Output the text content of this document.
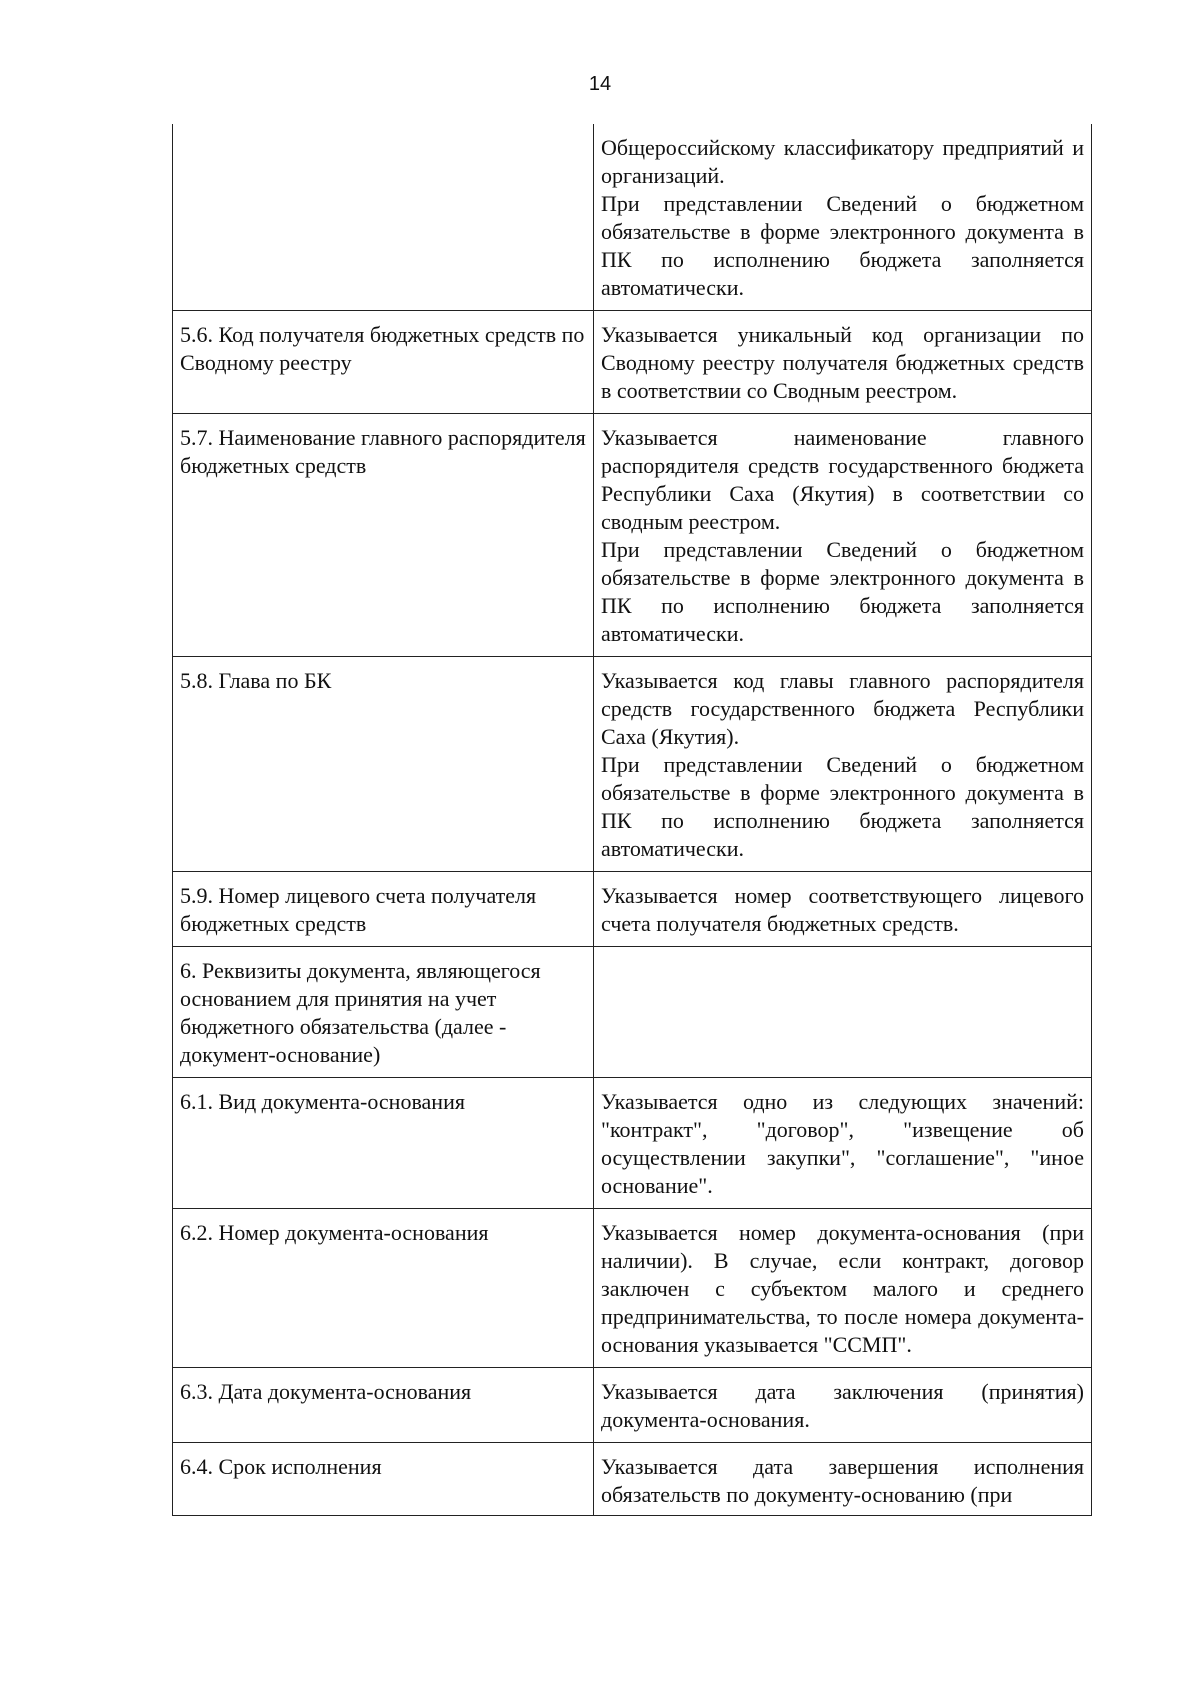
14

	Общероссийскому классификатору предприятий и организаций.
При представлении Сведений о бюджетном обязательстве в форме электронного документа в ПК по исполнению бюджета заполняется автоматически.

5.6. Код получателя бюджетных средств по Сводному реестру	Указывается уникальный код организации по Сводному реестру получателя бюджетных средств в соответствии со Сводным реестром.

5.7. Наименование главного распорядителя бюджетных средств	Указывается наименование главного распорядителя средств государственного бюджета Республики Саха (Якутия) в соответствии со сводным реестром.
При представлении Сведений о бюджетном обязательстве в форме электронного документа в ПК по исполнению бюджета заполняется автоматически.

5.8. Глава по БК	Указывается код главы главного распорядителя средств государственного бюджета Республики Саха (Якутия).
При представлении Сведений о бюджетном обязательстве в форме электронного документа в ПК по исполнению бюджета заполняется автоматически.

5.9. Номер лицевого счета получателя бюджетных средств	Указывается номер соответствующего лицевого счета получателя бюджетных средств.

6. Реквизиты документа, являющегося основанием для принятия на учет бюджетного обязательства (далее - документ-основание)	
6.1. Вид документа-основания	Указывается одно из следующих значений: "контракт", "договор", "извещение об осуществлении закупки", "соглашение", "иное основание".

6.2. Номер документа-основания	Указывается номер документа-основания (при наличии). В случае, если контракт, договор заключен с субъектом малого и среднего предпринимательства, то после номера документа-основания указывается "ССМП".

6.3. Дата документа-основания	Указывается дата заключения (принятия) документа-основания.

6.4. Срок исполнения	Указывается дата завершения исполнения обязательств по документу-основанию (при
